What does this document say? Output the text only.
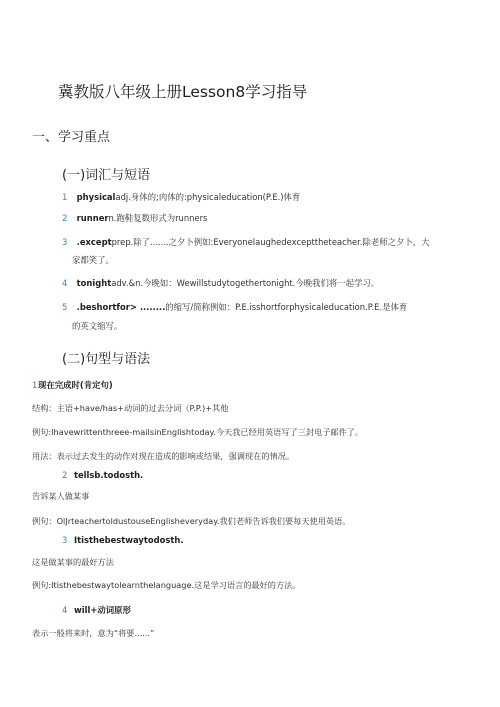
冀教版八年级上册Lesson8学习指导
一、学习重点
(一)词汇与短语
1 physicaladj.身体的;肉体的:physicaleducation(P.E.)体育
2 runnern.跑鞋复数形式为runners
3 .exceptprep.除了.......之夕卜例如:Everyonelaughedexcepttheteacher.除老师之夕卜，大
家都笑了。
4 tonightadv.&n.今晚如：Wewillstudytogethertonight.今晚我们将一起学习。
5 .beshortfor> ........的缩写/简称例如：P.E.isshortforphysicaleducation.P.E.是体育
的英文缩写。
(二)句型与语法
1现在完成时(肯定句)
结构：主语+have/has+动词的过去分词（P.P.)+其他
例句:Ihavewrittenthreee-mailsinEnglishtoday.今天我已经用英语写了三封电子邮件了。
用法：表示过去发生的动作对现在造成的影响或结果，强调现在的情况。
2 tellsb.todosth.
告诉某人做某事
例句：OlJrteachertoldustouseEnglisheveryday.我们老师告诉我们要每天使用英语。
3 Itisthebestwaytodosth.
这是做某事的最好方法
例句:Itisthebestwaytolearnthelanguage.这是学习语言的最好的方法。
4 will+动词原形
表示一般将来时，意为“将要......”
